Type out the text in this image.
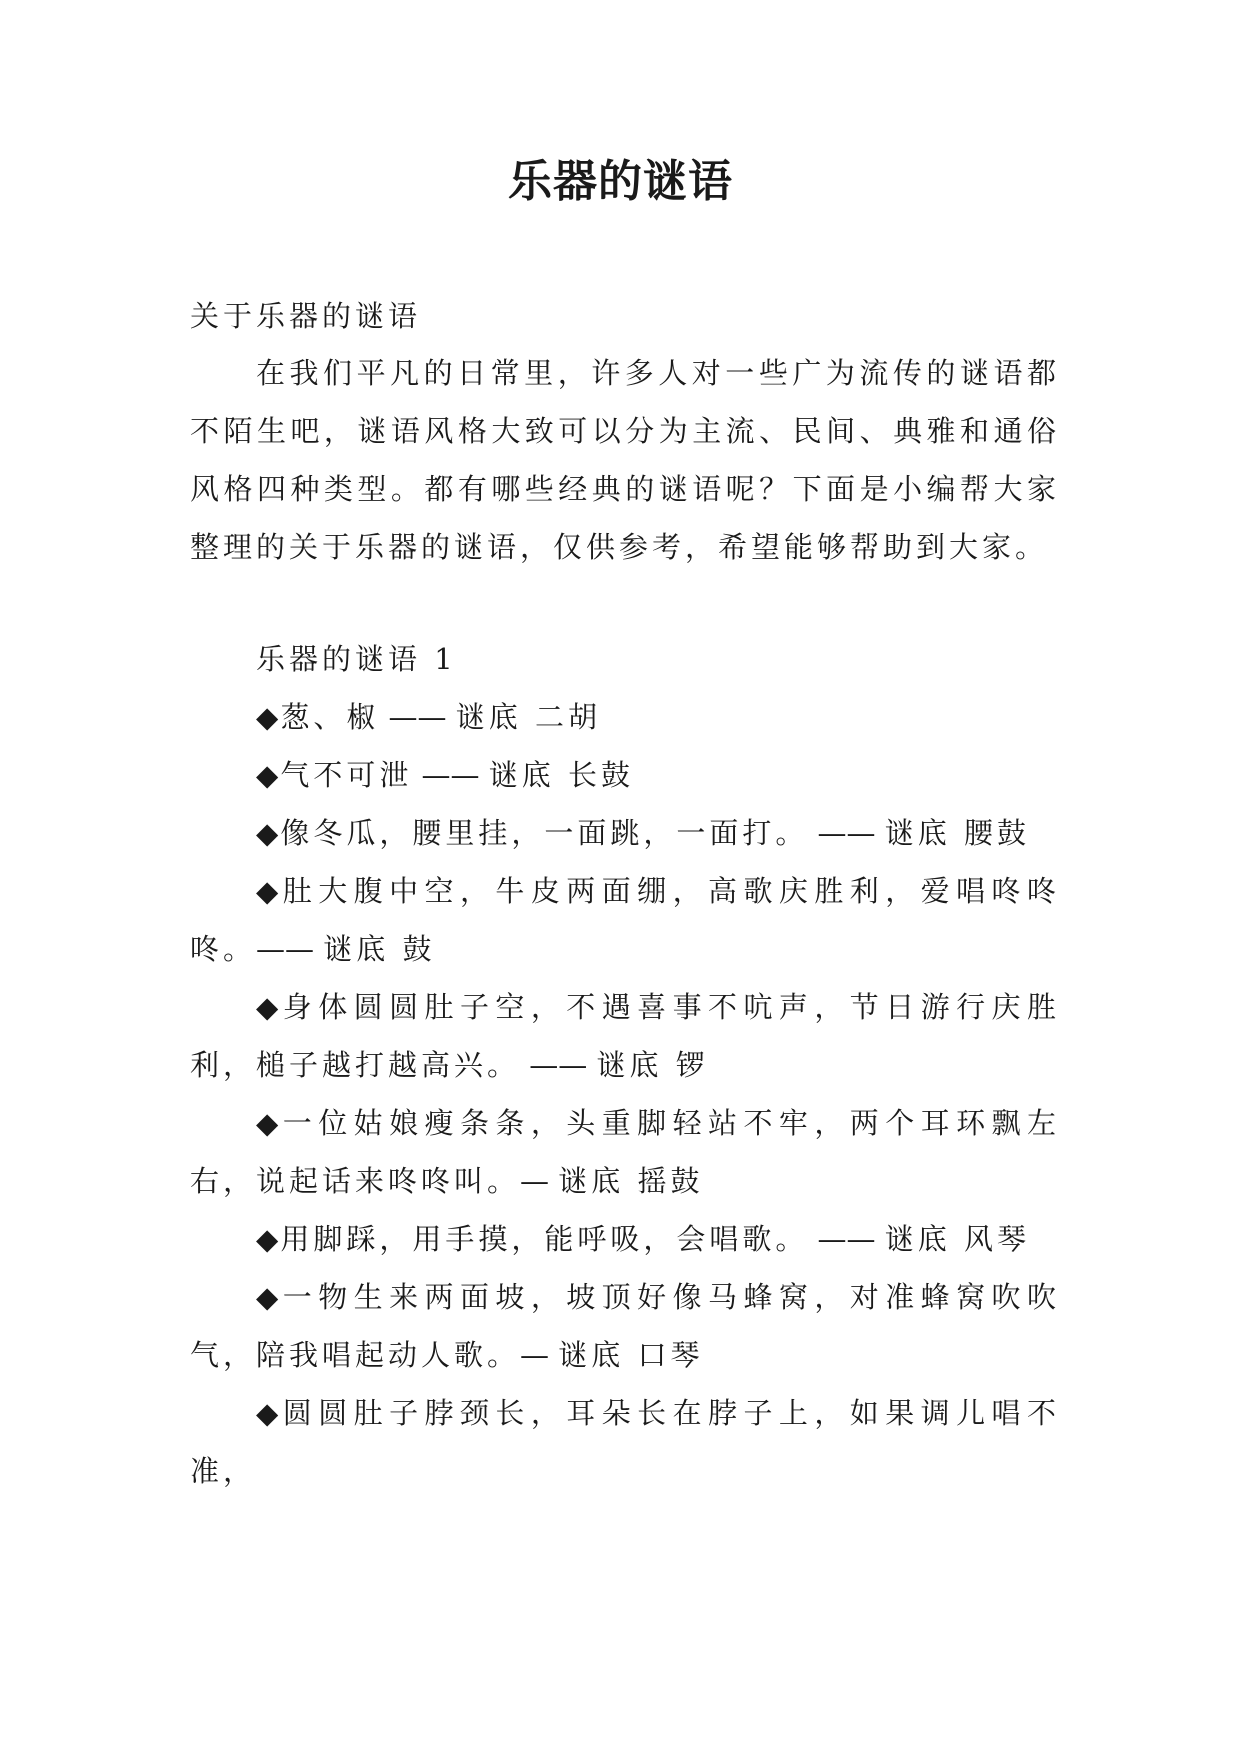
乐器的谜语
关于乐器的谜语
在我们平凡的日常里，许多人对一些广为流传的谜语都不陌生吧，谜语风格大致可以分为主流、民间、典雅和通俗风格四种类型。都有哪些经典的谜语呢？下面是小编帮大家整理的关于乐器的谜语，仅供参考，希望能够帮助到大家。

乐器的谜语 1

◆葱、椒 —— 谜底 二胡

◆气不可泄 —— 谜底 长鼓

◆像冬瓜，腰里挂，一面跳，一面打。 —— 谜底 腰鼓

◆肚大腹中空，牛皮两面绷，高歌庆胜利，爱唱咚咚咚。—— 谜底 鼓

◆身体圆圆肚子空，不遇喜事不吭声，节日游行庆胜利，槌子越打越高兴。 —— 谜底 锣

◆一位姑娘瘦条条，头重脚轻站不牢，两个耳环飘左右，说起话来咚咚叫。— 谜底 摇鼓

◆用脚踩，用手摸，能呼吸，会唱歌。 —— 谜底 风琴

◆一物生来两面坡，坡顶好像马蜂窝，对准蜂窝吹吹气，陪我唱起动人歌。— 谜底 口琴

◆圆圆肚子脖颈长，耳朵长在脖子上，如果调儿唱不准，
